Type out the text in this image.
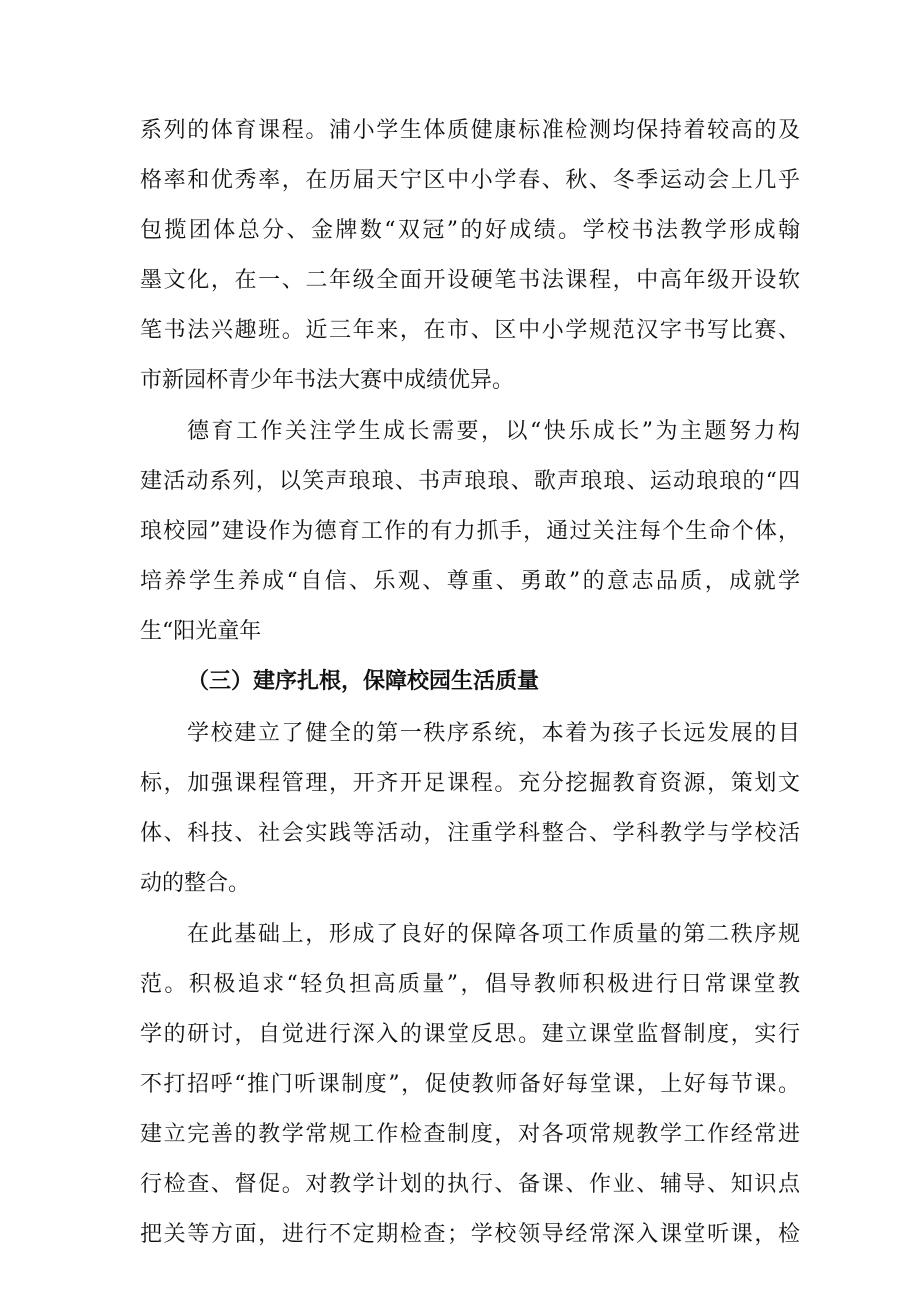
系列的体育课程。浦小学生体质健康标准检测均保持着较高的及
格率和优秀率，在历届天宁区中小学春、秋、冬季运动会上几乎
包揽团体总分、金牌数“双冠”的好成绩。学校书法教学形成翰
墨文化，在一、二年级全面开设硬笔书法课程，中高年级开设软
笔书法兴趣班。近三年来，在市、区中小学规范汉字书写比赛、
市新园杯青少年书法大赛中成绩优异。
德育工作关注学生成长需要，以“快乐成长”为主题努力构
建活动系列，以笑声琅琅、书声琅琅、歌声琅琅、运动琅琅的“四
琅校园”建设作为德育工作的有力抓手，通过关注每个生命个体，
培养学生养成“自信、乐观、尊重、勇敢”的意志品质，成就学
生“阳光童年
（三）建序扎根，保障校园生活质量
学校建立了健全的第一秩序系统，本着为孩子长远发展的目
标，加强课程管理，开齐开足课程。充分挖掘教育资源，策划文
体、科技、社会实践等活动，注重学科整合、学科教学与学校活
动的整合。
在此基础上，形成了良好的保障各项工作质量的第二秩序规
范。积极追求“轻负担高质量”，倡导教师积极进行日常课堂教
学的研讨，自觉进行深入的课堂反思。建立课堂监督制度，实行
不打招呼“推门听课制度”，促使教师备好每堂课，上好每节课。
建立完善的教学常规工作检查制度，对各项常规教学工作经常进
行检查、督促。对教学计划的执行、备课、作业、辅导、知识点
把关等方面，进行不定期检查；学校领导经常深入课堂听课，检
